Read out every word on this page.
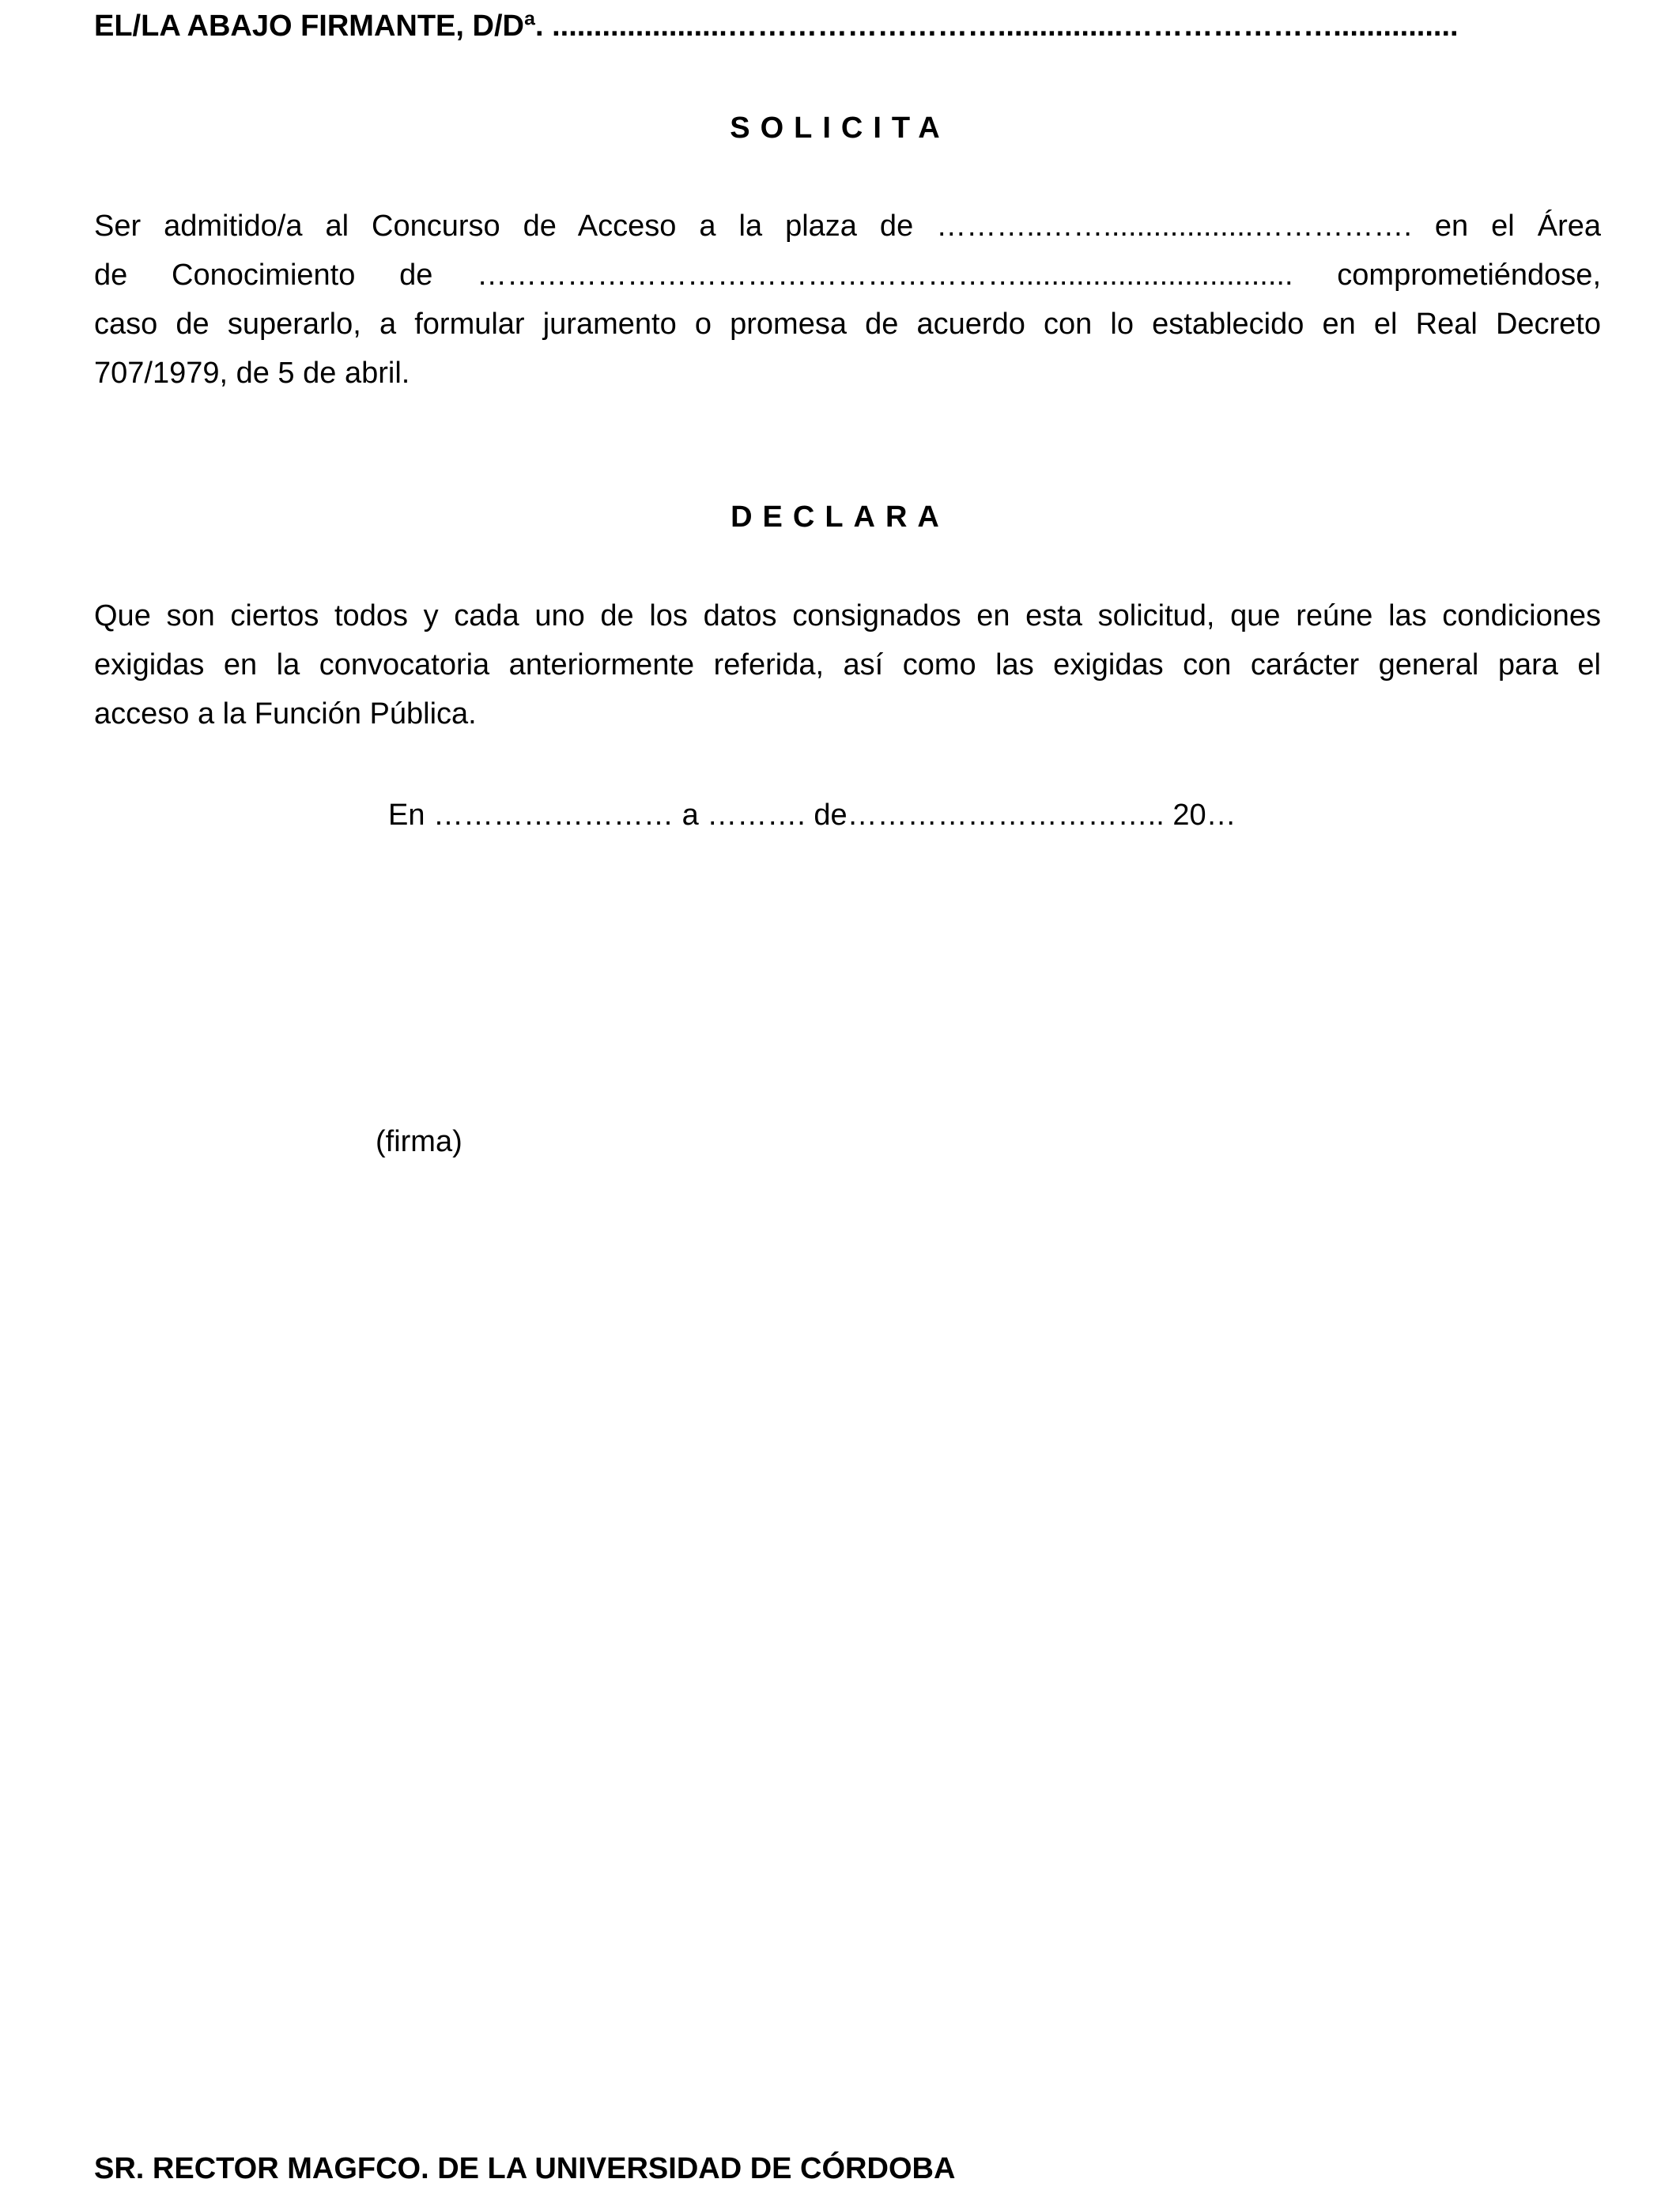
EL/LA ABAJO FIRMANTE, D/Dª. .....................………………………...............…………………...............
SOLICITA
Ser admitido/a al Concurso de Acceso a la plaza de ………..……..................……………. en el Área
de Conocimiento de ………………………………………………................................. comprometiéndose,
caso de superarlo, a formular juramento o promesa de acuerdo con lo establecido en el Real Decreto
707/1979, de 5 de abril.
DECLARA
Que son ciertos todos y cada uno de los datos consignados en esta solicitud, que reúne las condiciones
exigidas en la convocatoria anteriormente referida, así como las exigidas con carácter general para el
acceso a la Función Pública.
En …………………… a ………. de………………………….. 20…
(firma)
SR. RECTOR MAGFCO. DE LA UNIVERSIDAD DE CÓRDOBA
